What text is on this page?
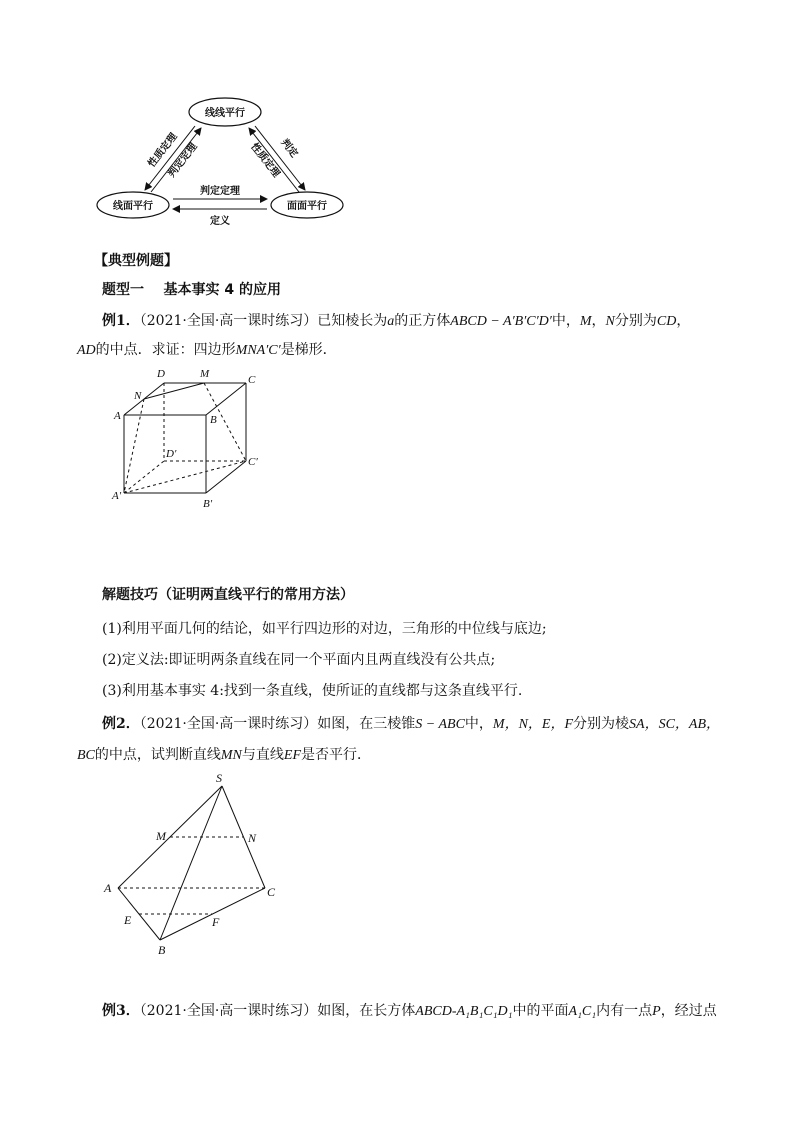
线线平行
线面平行	面面平行
性质定理
判定定理	性质定理
判定
判定定理
定义
【典型例题】
题型一    基本事实 4 的应用
例1．（2021·全国·高一课时练习）已知棱长为a的正方体ABCD − A′B′C′D′中，M，N分别为CD，
AD的中点．求证：四边形MNA′C′是梯形．
D	M	C
N
A	B
D′
C′
A′
B′
解题技巧（证明两直线平行的常用方法）
(1)利用平面几何的结论，如平行四边形的对边，三角形的中位线与底边;
(2)定义法:即证明两条直线在同一个平面内且两直线没有公共点;
(3)利用基本事实 4:找到一条直线，使所证的直线都与这条直线平行.
例2．（2021·全国·高一课时练习）如图，在三棱锥S − ABC中，M，N，E，F分别为棱SA，SC，AB，
BC的中点，试判断直线MN与直线EF是否平行．
S
M	N
A	C
E	F
B
例3．（2021·全国·高一课时练习）如图，在长方体ABCD-A₁B₁C₁D₁中的平面A₁C₁内有一点P，经过点
